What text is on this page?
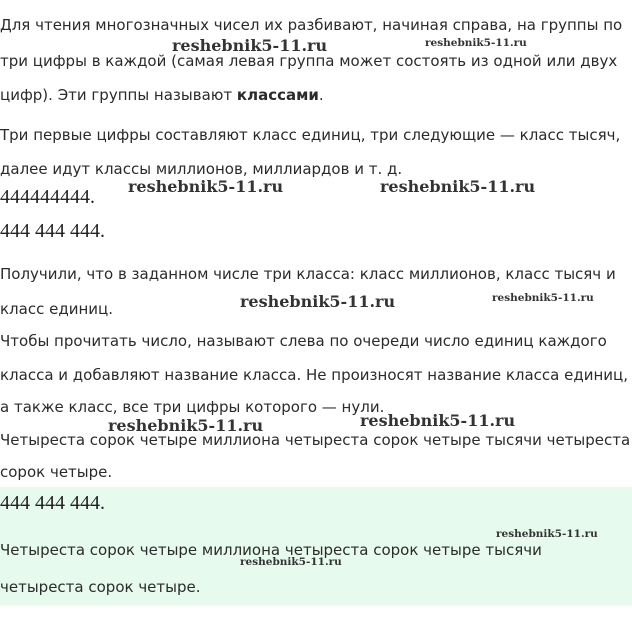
Для чтения многозначных чисел их разбивают, начиная справа, на группы по

три цифры в каждой (самая левая группа может состоять из одной или двух

цифр). Эти группы называют классами.

Три первые цифры составляют класс единиц, три следующие — класс тысяч,

далее идут классы миллионов, миллиардов и т. д.

444444444.

444 444 444.

Получили, что в заданном числе три класса: класс миллионов, класс тысяч и

класс единиц.

Чтобы прочитать число, называют слева по очереди число единиц каждого

класса и добавляют название класса. Не произносят название класса единиц,

а также класс, все три цифры которого — нули.

Четыреста сорок четыре миллиона четыреста сорок четыре тысячи четыреста

сорок четыре.

444 444 444.

Четыреста сорок четыре миллиона четыреста сорок четыре тысячи

четыреста сорок четыре.

reshebnik5-11.ru	reshebnik5-11.ru
reshebnik5-11.ru	reshebnik5-11.ru
reshebnik5-11.ru	reshebnik5-11.ru
reshebnik5-11.ru	reshebnik5-11.ru
reshebnik5-11.ru
reshebnik5-11.ru
